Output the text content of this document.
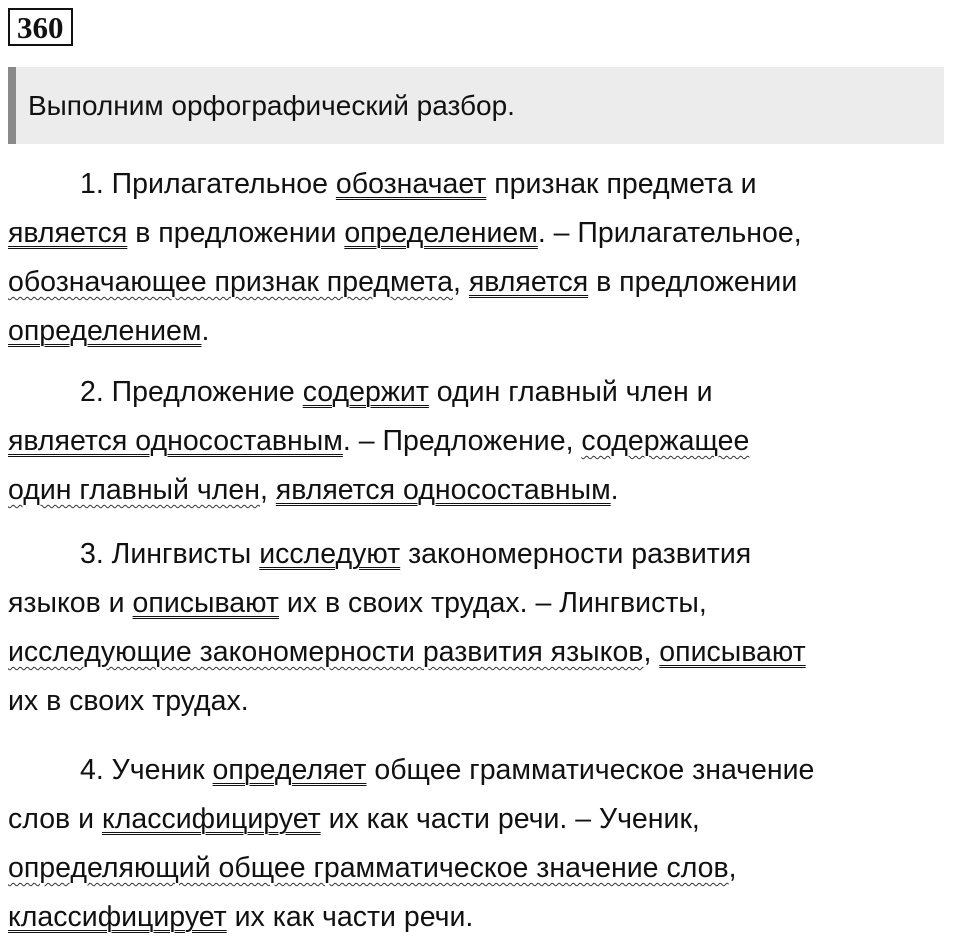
360
Выполним орфографический разбор.
1. Прилагательное обозначает признак предмета и
является в предложении определением. – Прилагательное,
обозначающее признак предмета, является в предложении
определением.
2. Предложение содержит один главный член и
является односоставным. – Предложение, содержащее
один главный член, является односоставным.
3. Лингвисты исследуют закономерности развития
языков и описывают их в своих трудах. – Лингвисты,
исследующие закономерности развития языков, описывают
их в своих трудах.
4. Ученик определяет общее грамматическое значение
слов и классифицирует их как части речи. – Ученик,
определяющий общее грамматическое значение слов,
классифицирует их как части речи.
